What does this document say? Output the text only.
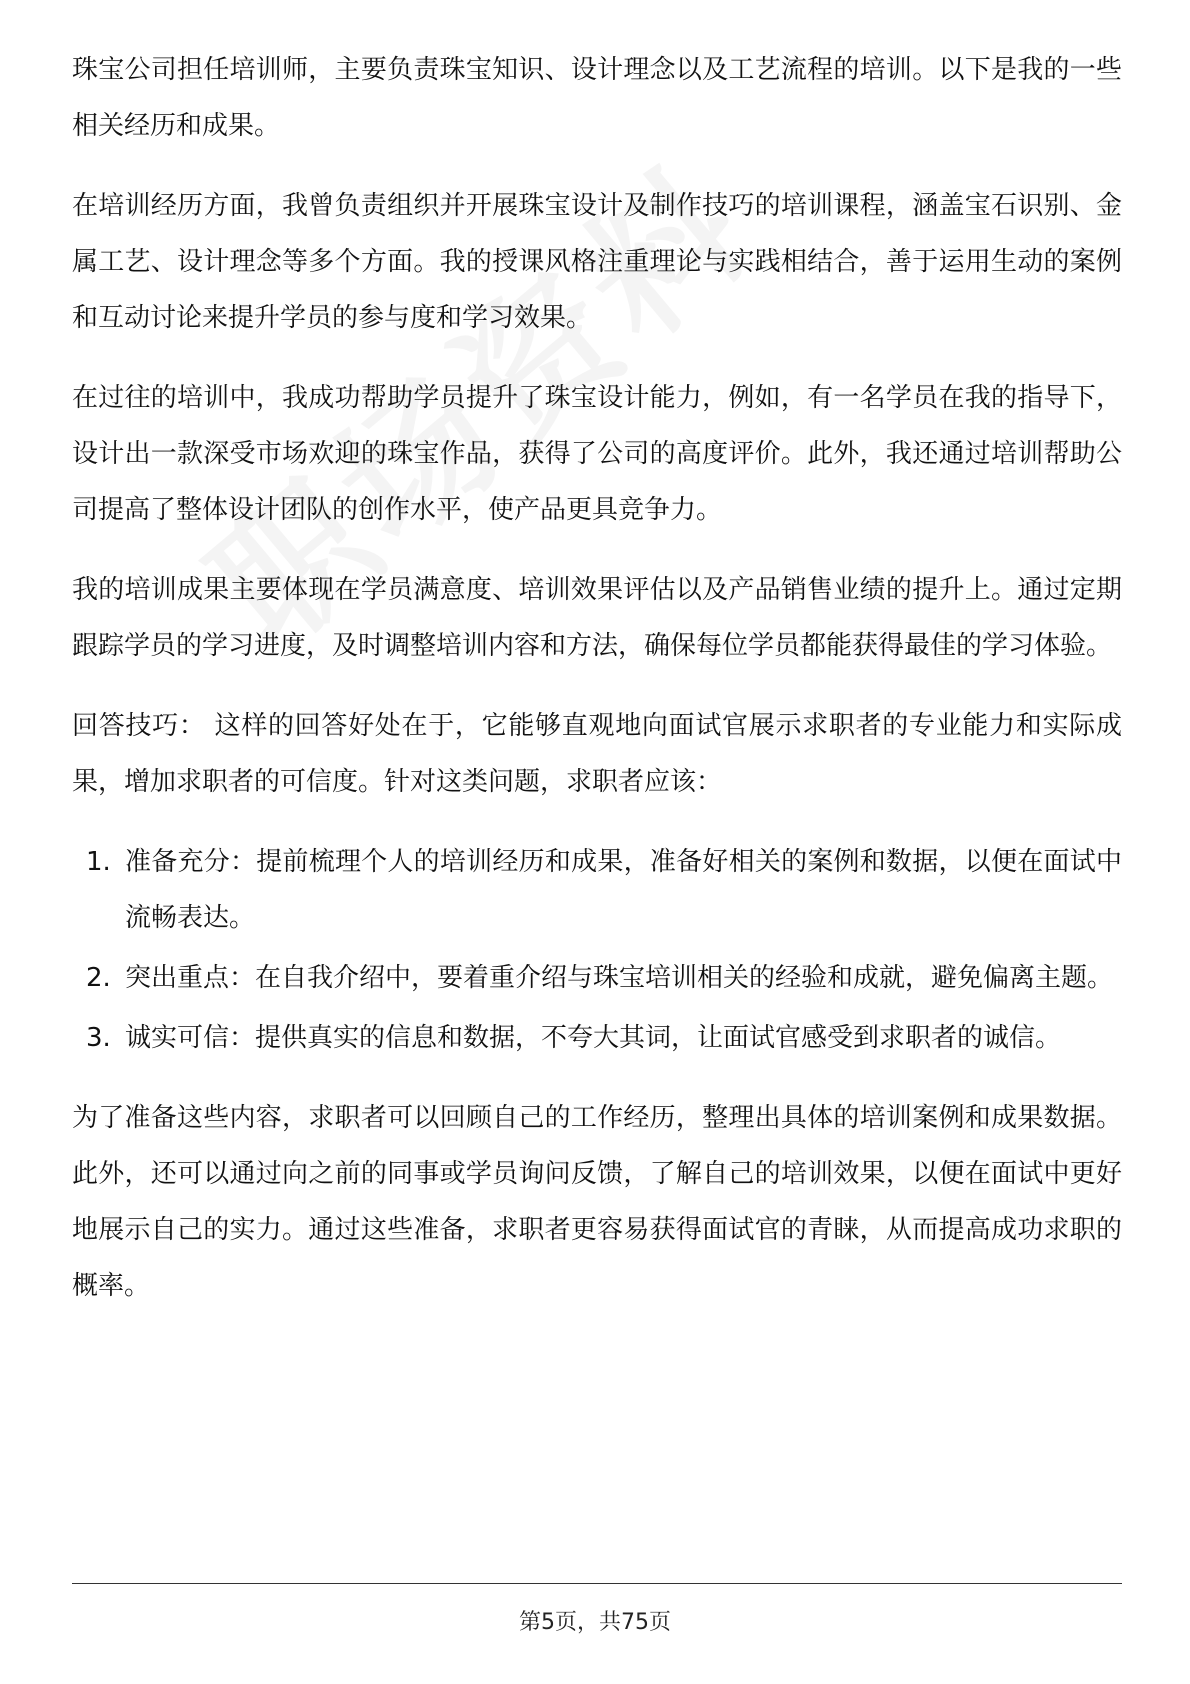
珠宝公司担任培训师，主要负责珠宝知识、设计理念以及工艺流程的培训。以下是我的一些相关经历和成果。

在培训经历方面，我曾负责组织并开展珠宝设计及制作技巧的培训课程，涵盖宝石识别、金属工艺、设计理念等多个方面。我的授课风格注重理论与实践相结合，善于运用生动的案例和互动讨论来提升学员的参与度和学习效果。

在过往的培训中，我成功帮助学员提升了珠宝设计能力，例如，有一名学员在我的指导下，设计出一款深受市场欢迎的珠宝作品，获得了公司的高度评价。此外，我还通过培训帮助公司提高了整体设计团队的创作水平，使产品更具竞争力。

我的培训成果主要体现在学员满意度、培训效果评估以及产品销售业绩的提升上。通过定期跟踪学员的学习进度，及时调整培训内容和方法，确保每位学员都能获得最佳的学习体验。

回答技巧： 这样的回答好处在于，它能够直观地向面试官展示求职者的专业能力和实际成果，增加求职者的可信度。针对这类问题，求职者应该：

1. 准备充分：提前梳理个人的培训经历和成果，准备好相关的案例和数据，以便在面试中流畅表达。
2. 突出重点：在自我介绍中，要着重介绍与珠宝培训相关的经验和成就，避免偏离主题。
3. 诚实可信：提供真实的信息和数据，不夸大其词，让面试官感受到求职者的诚信。

为了准备这些内容，求职者可以回顾自己的工作经历，整理出具体的培训案例和成果数据。此外，还可以通过向之前的同事或学员询问反馈，了解自己的培训效果，以便在面试中更好地展示自己的实力。通过这些准备，求职者更容易获得面试官的青睐，从而提高成功求职的概率。

第5页，共75页
